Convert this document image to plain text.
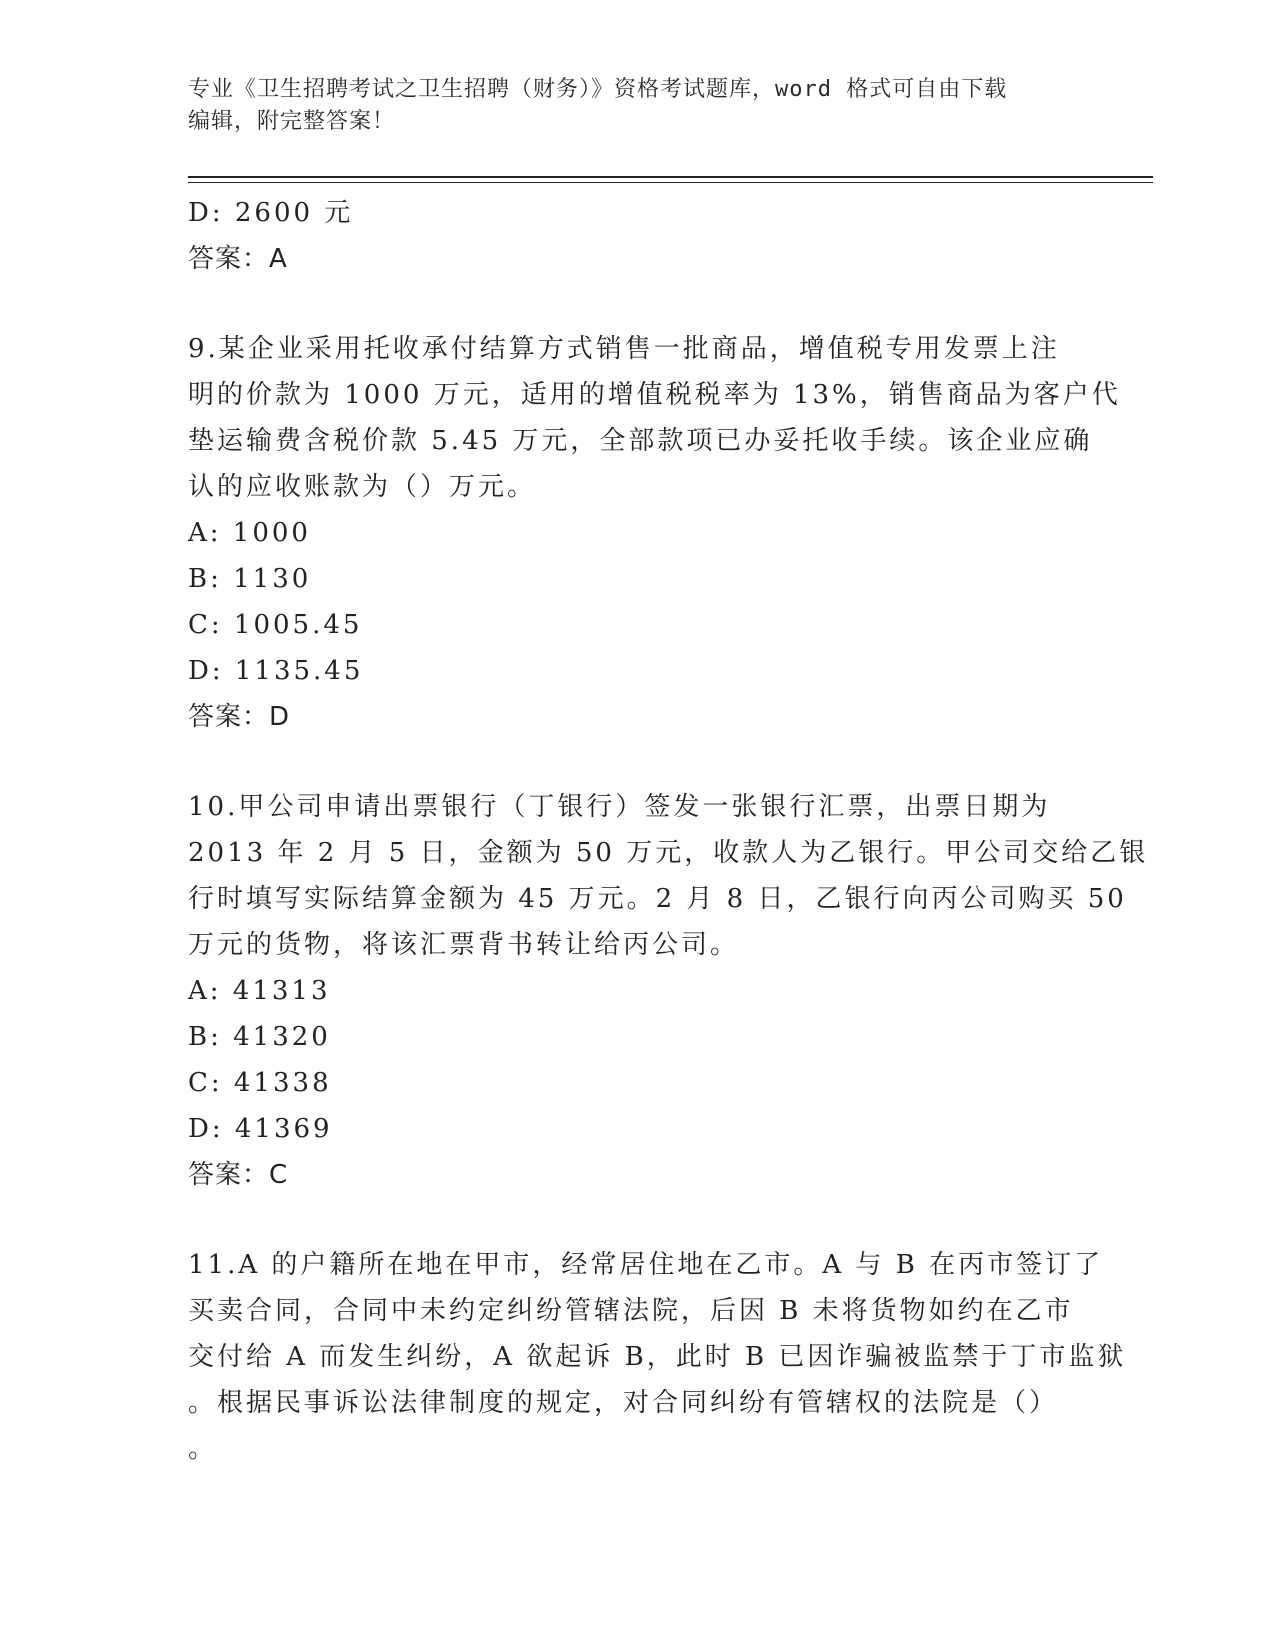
专业《卫生招聘考试之卫生招聘（财务）》资格考试题库，word 格式可自由下载
编辑，附完整答案！
D: 2600 元
答案：A
9.某企业采用托收承付结算方式销售一批商品，增值税专用发票上注
明的价款为 1000 万元，适用的增值税税率为 13%，销售商品为客户代
垫运输费含税价款 5.45 万元，全部款项已办妥托收手续。该企业应确
认的应收账款为（）万元。
A: 1000
B: 1130
C: 1005.45
D: 1135.45
答案：D
10.甲公司申请出票银行（丁银行）签发一张银行汇票，出票日期为
2013 年 2 月 5 日，金额为 50 万元，收款人为乙银行。甲公司交给乙银
行时填写实际结算金额为 45 万元。2 月 8 日，乙银行向丙公司购买 50
万元的货物，将该汇票背书转让给丙公司。
A: 41313
B: 41320
C: 41338
D: 41369
答案：C
11.A 的户籍所在地在甲市，经常居住地在乙市。A 与 B 在丙市签订了
买卖合同，合同中未约定纠纷管辖法院，后因 B 未将货物如约在乙市
交付给 A 而发生纠纷，A 欲起诉 B，此时 B 已因诈骗被监禁于丁市监狱
。根据民事诉讼法律制度的规定，对合同纠纷有管辖权的法院是（）
。
